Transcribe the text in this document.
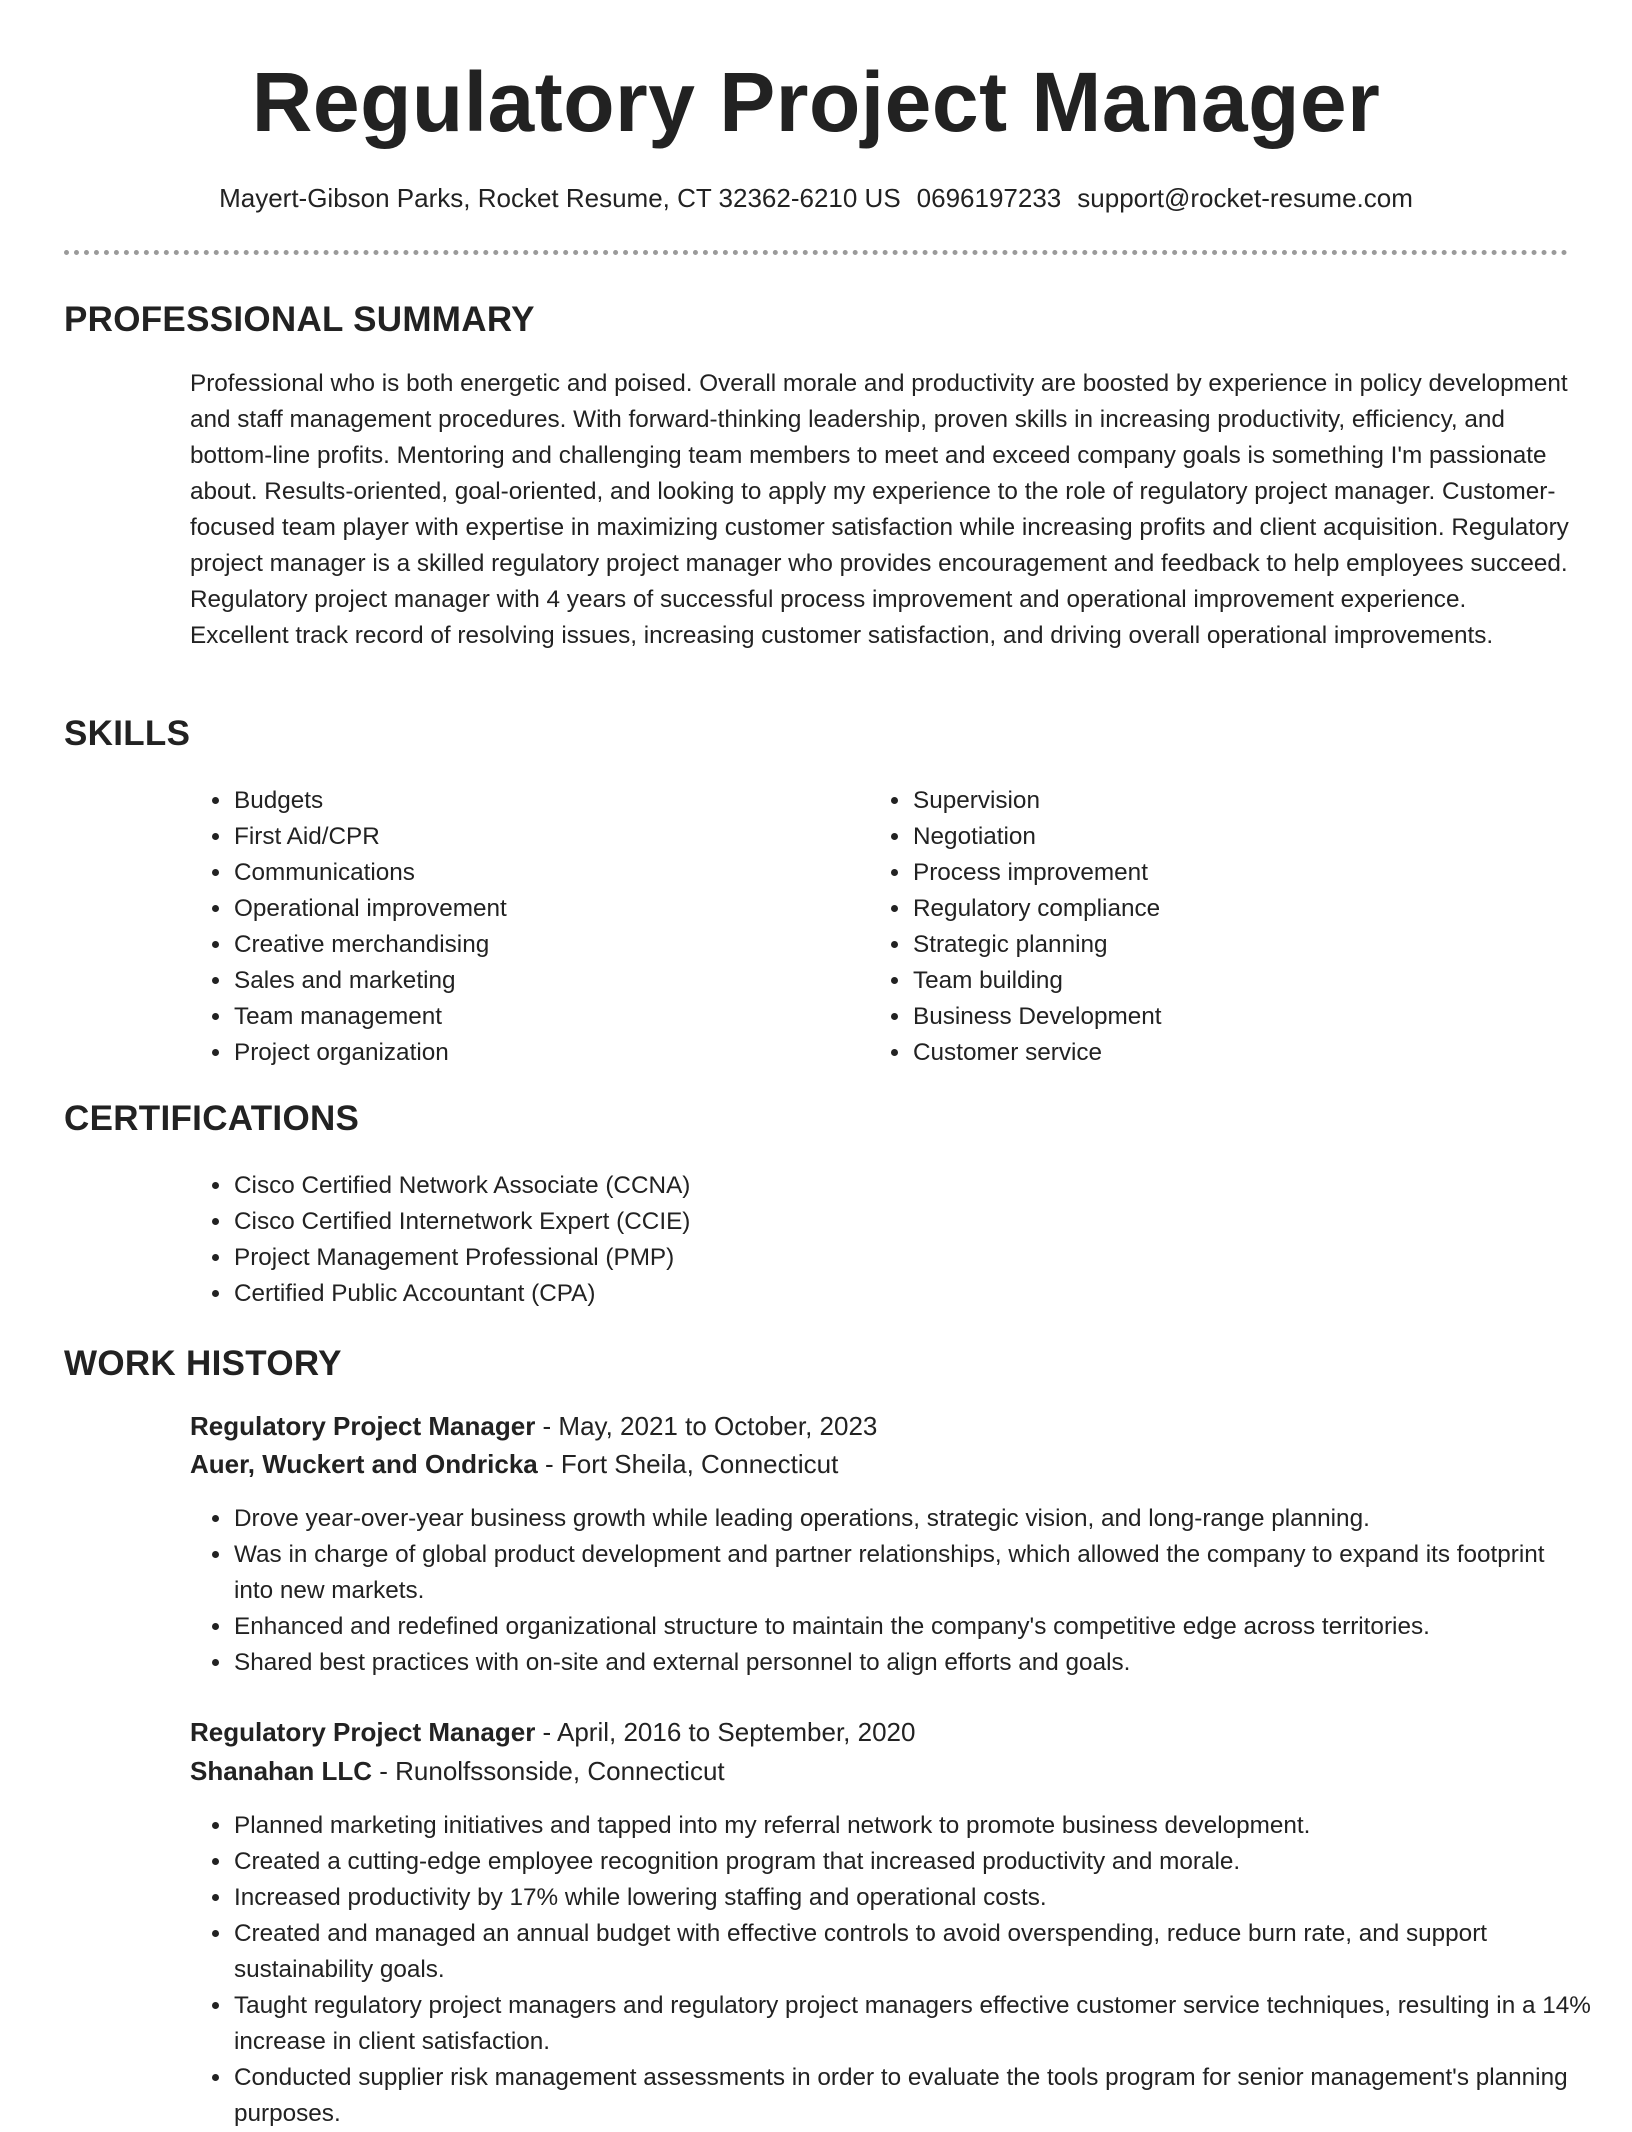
Regulatory Project Manager
Mayert-Gibson Parks, Rocket Resume, CT 32362-6210 US 0696197233 support@rocket-resume.com
PROFESSIONAL SUMMARY

Professional who is both energetic and poised. Overall morale and productivity are boosted by experience in policy development and staff management procedures. With forward-thinking leadership, proven skills in increasing productivity, efficiency, and bottom-line profits. Mentoring and challenging team members to meet and exceed company goals is something I'm passionate about. Results-oriented, goal-oriented, and looking to apply my experience to the role of regulatory project manager. Customer-focused team player with expertise in maximizing customer satisfaction while increasing profits and client acquisition. Regulatory project manager is a skilled regulatory project manager who provides encouragement and feedback to help employees succeed. Regulatory project manager with 4 years of successful process improvement and operational improvement experience. Excellent track record of resolving issues, increasing customer satisfaction, and driving overall operational improvements.

SKILLS
• Budgets
• First Aid/CPR
• Communications
• Operational improvement
• Creative merchandising
• Sales and marketing
• Team management
• Project organization
• Supervision
• Negotiation
• Process improvement
• Regulatory compliance
• Strategic planning
• Team building
• Business Development
• Customer service
CERTIFICATIONS
• Cisco Certified Network Associate (CCNA)
• Cisco Certified Internetwork Expert (CCIE)
• Project Management Professional (PMP)
• Certified Public Accountant (CPA)
WORK HISTORY
Regulatory Project Manager - May, 2021 to October, 2023
Auer, Wuckert and Ondricka - Fort Sheila, Connecticut
• Drove year-over-year business growth while leading operations, strategic vision, and long-range planning.
• Was in charge of global product development and partner relationships, which allowed the company to expand its footprint into new markets.
• Enhanced and redefined organizational structure to maintain the company's competitive edge across territories.
• Shared best practices with on-site and external personnel to align efforts and goals.
Regulatory Project Manager - April, 2016 to September, 2020
Shanahan LLC - Runolfssonside, Connecticut
• Planned marketing initiatives and tapped into my referral network to promote business development.
• Created a cutting-edge employee recognition program that increased productivity and morale.
• Increased productivity by 17% while lowering staffing and operational costs.
• Created and managed an annual budget with effective controls to avoid overspending, reduce burn rate, and support sustainability goals.
• Taught regulatory project managers and regulatory project managers effective customer service techniques, resulting in a 14% increase in client satisfaction.
• Conducted supplier risk management assessments in order to evaluate the tools program for senior management's planning purposes.
